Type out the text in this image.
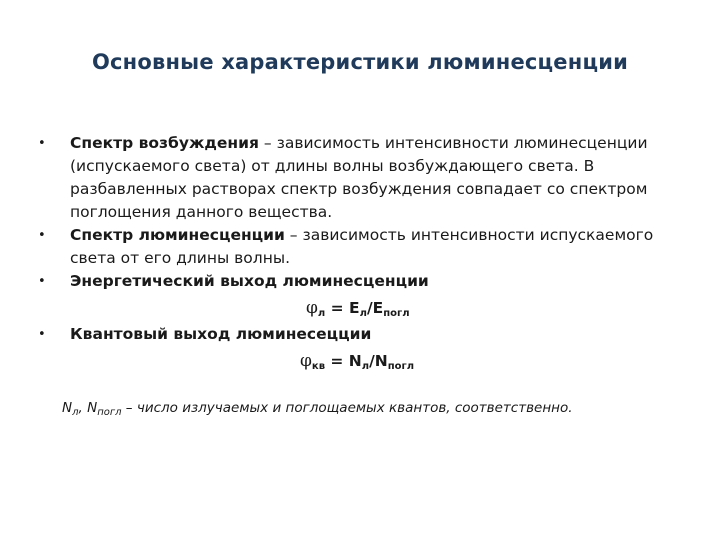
Основные характеристики люминесценции
•	Спектр возбуждения – зависимость интенсивности люминесценции (испускаемого света) от длины волны возбуждающего света. В разбавленных растворах спектр возбуждения совпадает со спектром поглощения данного вещества.
•	Спектр люминесценции – зависимость интенсивности испускаемого света от его длины волны.
•	Энергетический выход люминесценции
$\varphi_л = E_л/E_{погл}$
•	Квантовый выход люминесецции
$\varphi_{кв} = N_л/N_{погл}$
$N_л$, $N_{погл}$ – число излучаемых и поглощаемых квантов, соответственно.
